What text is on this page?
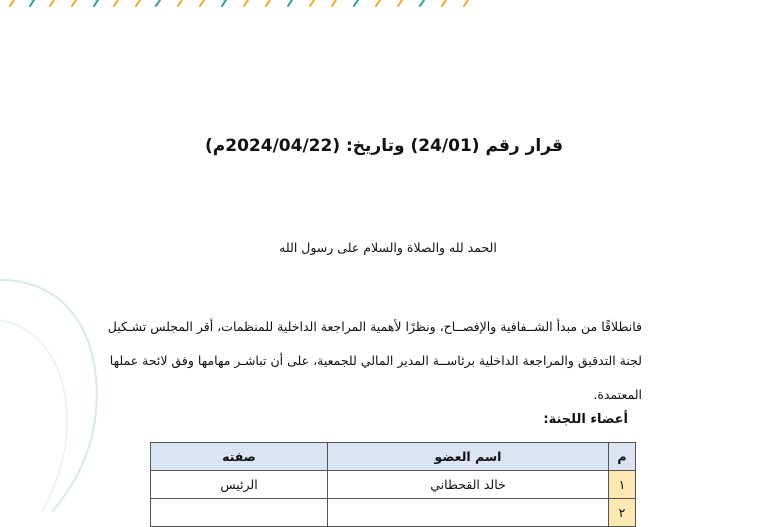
قرار رقم (24/01) وتاريخ: (2024/04/22م)

الحمد لله والصلاة والسلام على رسول الله

فانطلاقًا من مبدأ الشــفافية والإفصــاح، ونظرًا لأهمية المراجعة الداخلية للمنظمات، أقر المجلس تشـكيل لجنة التدقيق والمراجعة الداخلية برئاســة المدير المالي للجمعية، على أن تباشـر مهامها وفق لائحة عملها المعتمدة.

أعضاء اللجنة:

م	اسم العضو	صفته
١	خالد القحطاني	الرئيس
٢		
